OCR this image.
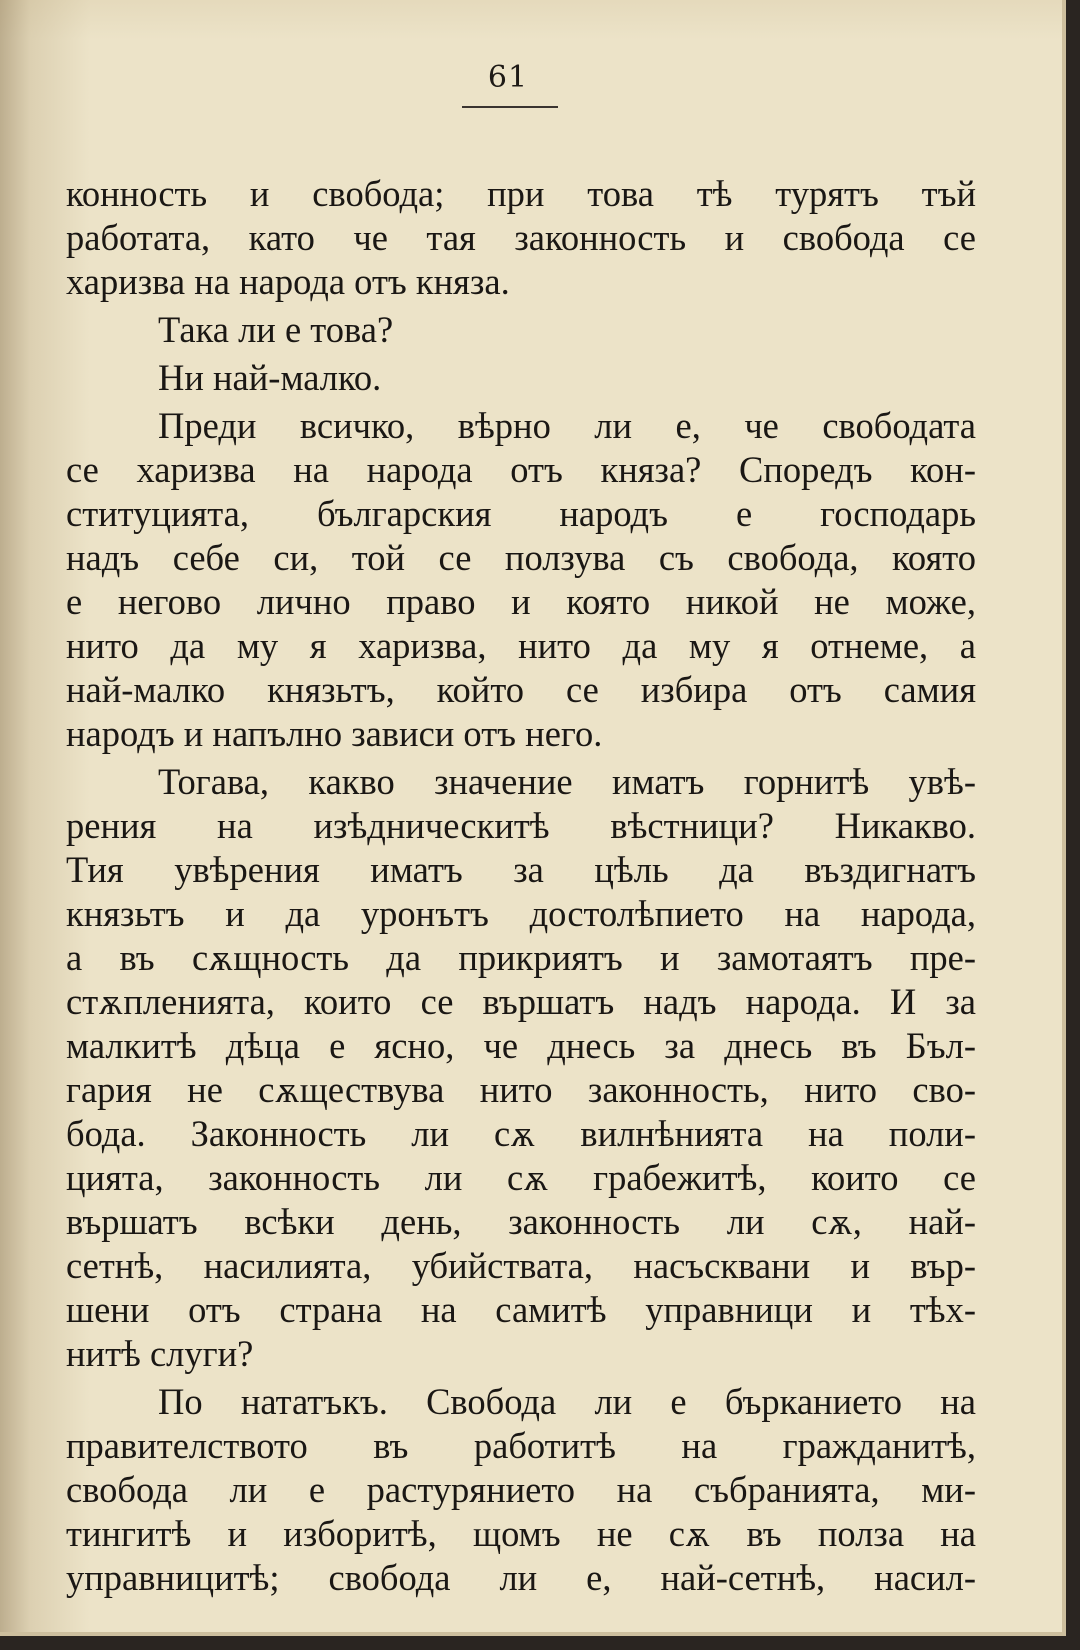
61
конность и свобода; при това тѣ турятъ тъй
работата, като че тая законность и свобода се
харизва на народа отъ княза.
Така ли е това?
Ни най-малко.
Преди всичко, вѣрно ли е, че свободата
се харизва на народа отъ княза? Споредъ кон-
ституцията, българския народъ е господарь
надъ себе си, той се ползува съ свобода, която
е негово лично право и която никой не може,
нито да му я харизва, нито да му я отнеме, а
най-малко князьтъ, който се избира отъ самия
народъ и напълно зависи отъ него.
Тогава, какво значение иматъ горнитѣ увѣ-
рения на изѣдническитѣ вѣстници? Никакво.
Тия увѣрения иматъ за цѣль да въздигнатъ
князьтъ и да уронътъ достолѣпието на народа,
а въ сѫщность да прикриятъ и замотаятъ пре-
стѫпленията, които се вършатъ надъ народа. И за
малкитѣ дѣца е ясно, че днесь за днесь въ Бъл-
гария не сѫществува нито законность, нито сво-
бода. Законность ли сѫ вилнѣнията на поли-
цията, законность ли сѫ грабежитѣ, които се
вършатъ всѣки день, законность ли сѫ, най-
сетнѣ, насилията, убийствата, насъсквани и вър-
шени отъ страна на самитѣ управници и тѣх-
нитѣ слуги?
По нататъкъ. Свобода ли е бърканието на
правителството въ работитѣ на гражданитѣ,
свобода ли е растурянието на събранията, ми-
тингитѣ и изборитѣ, щомъ не сѫ въ полза на
управницитѣ; свобода ли е, най-сетнѣ, насил-
